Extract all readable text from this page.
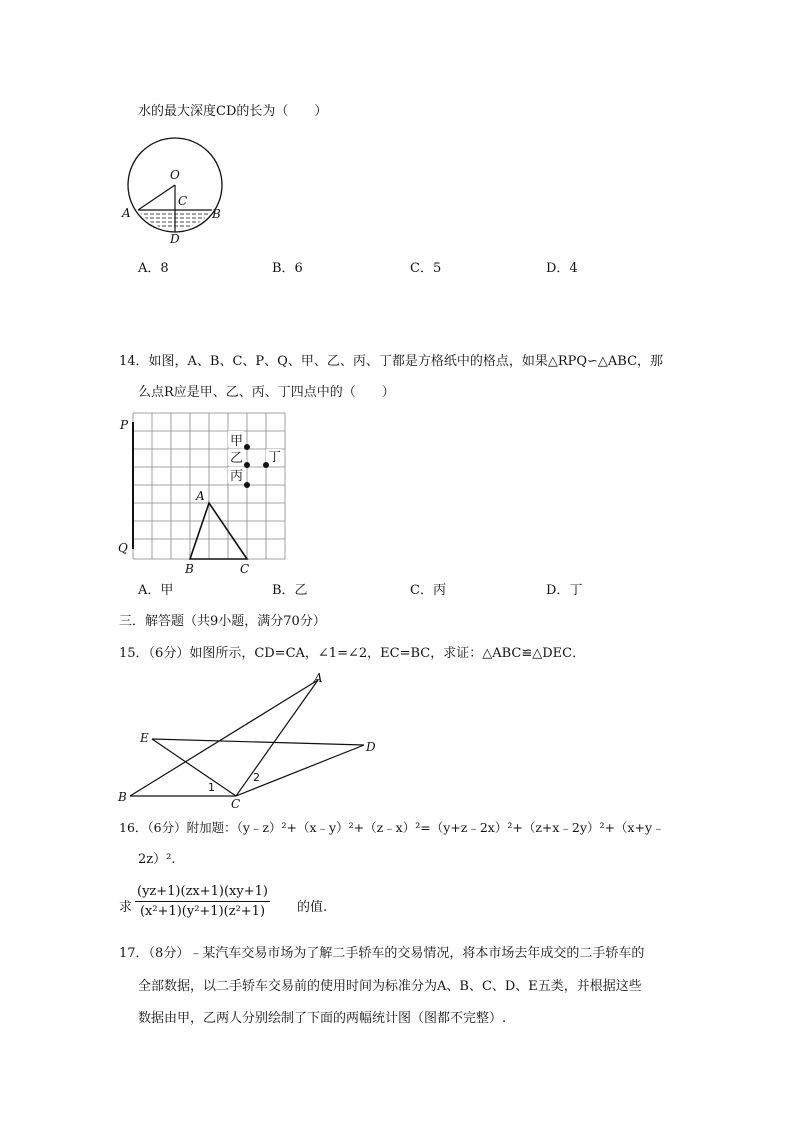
水的最大深度CD的长为（　　）
O
C
A	B
D
A．8	B．6	C．5	D．4
14．如图，A、B、C、P、Q、甲、乙、丙、丁都是方格纸中的格点，如果△RPQ∽△ABC，那
么点R应是甲、乙、丙、丁四点中的（　　）
甲
乙
丙
丁
P
Q
A
B	C
A．甲	B．乙	C．丙	D．丁
三．解答题（共9小题，满分70分）
15．（6分）如图所示，CD=CA，∠1=∠2，EC=BC，求证：△ABC≌△DEC．
A
E
D
B	C
1
2
16．（6分）附加题：（y﹣z）²+（x﹣y）²+（z﹣x）²=（y+z﹣2x）²+（z+x﹣2y）²+（x+y﹣
2z）².
求 $\frac{(yz+1)(zx+1)(xy+1)}{\text{(x²+1)(y²+1)(z²+1)}}$ 的值.
17．（8分）﹣某汽车交易市场为了解二手轿车的交易情况，将本市场去年成交的二手轿车的
全部数据，以二手轿车交易前的使用时间为标准分为A、B、C、D、E五类，并根据这些
数据由甲，乙两人分别绘制了下面的两幅统计图（图都不完整）.
